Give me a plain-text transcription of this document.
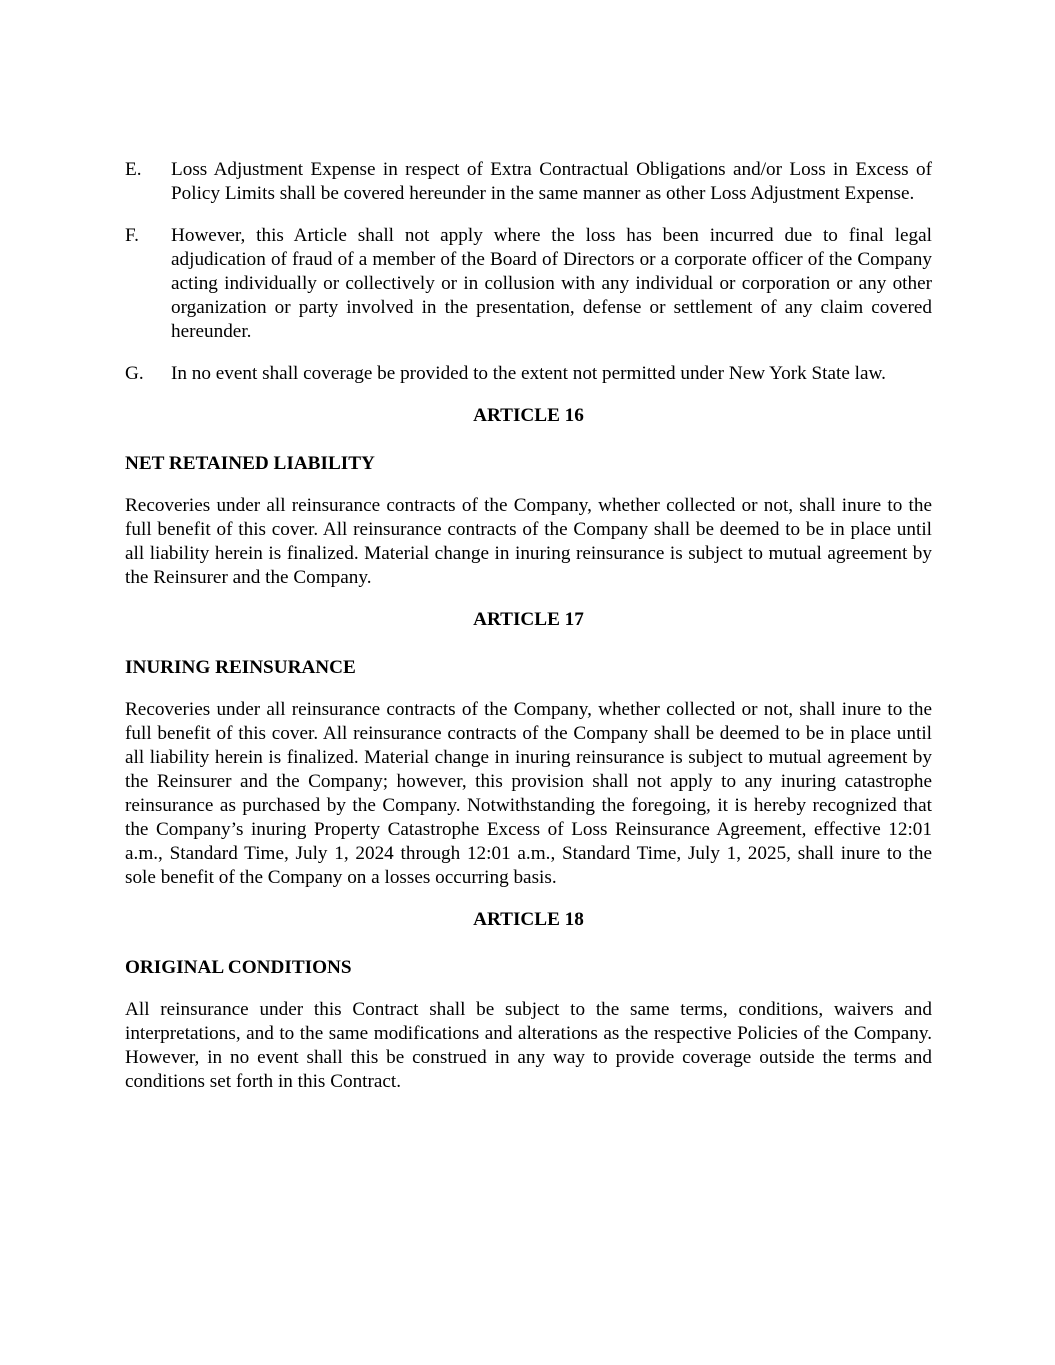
E.	Loss Adjustment Expense in respect of Extra Contractual Obligations and/or Loss in Excess of Policy Limits shall be covered hereunder in the same manner as other Loss Adjustment Expense.
F.	However, this Article shall not apply where the loss has been incurred due to final legal adjudication of fraud of a member of the Board of Directors or a corporate officer of the Company acting individually or collectively or in collusion with any individual or corporation or any other organization or party involved in the presentation, defense or settlement of any claim covered hereunder.
G.	In no event shall coverage be provided to the extent not permitted under New York State law.
ARTICLE 16
NET RETAINED LIABILITY
Recoveries under all reinsurance contracts of the Company, whether collected or not, shall inure to the full benefit of this cover. All reinsurance contracts of the Company shall be deemed to be in place until all liability herein is finalized. Material change in inuring reinsurance is subject to mutual agreement by the Reinsurer and the Company.
ARTICLE 17
INURING REINSURANCE
Recoveries under all reinsurance contracts of the Company, whether collected or not, shall inure to the full benefit of this cover. All reinsurance contracts of the Company shall be deemed to be in place until all liability herein is finalized. Material change in inuring reinsurance is subject to mutual agreement by the Reinsurer and the Company; however, this provision shall not apply to any inuring catastrophe reinsurance as purchased by the Company. Notwithstanding the foregoing, it is hereby recognized that the Company’s inuring Property Catastrophe Excess of Loss Reinsurance Agreement, effective 12:01 a.m., Standard Time, July 1, 2024 through 12:01 a.m., Standard Time, July 1, 2025, shall inure to the sole benefit of the Company on a losses occurring basis.
ARTICLE 18
ORIGINAL CONDITIONS
All reinsurance under this Contract shall be subject to the same terms, conditions, waivers and interpretations, and to the same modifications and alterations as the respective Policies of the Company. However, in no event shall this be construed in any way to provide coverage outside the terms and conditions set forth in this Contract.
